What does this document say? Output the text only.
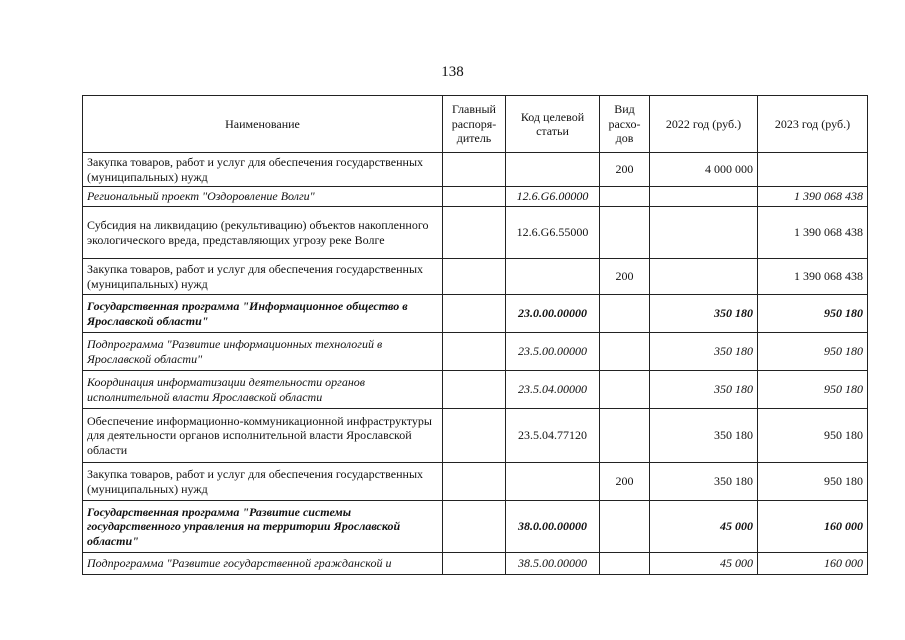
138
Наименование	Главный распоря-дитель	Код целевой статьи	Вид расхо-дов	2022 год (руб.)	2023 год (руб.)
Закупка товаров, работ и услуг для обеспечения государственных (муниципальных) нужд			200	4 000 000	
Региональный проект "Оздоровление Волги"		12.6.G6.00000			1 390 068 438
Субсидия на ликвидацию (рекультивацию) объектов накопленного экологического вреда, представляющих угрозу реке Волге		12.6.G6.55000			1 390 068 438
Закупка товаров, работ и услуг для обеспечения государственных (муниципальных) нужд			200		1 390 068 438
Государственная программа "Информационное общество в Ярославской области"		23.0.00.00000		350 180	950 180
Подпрограмма "Развитие информационных технологий в Ярославской области"		23.5.00.00000		350 180	950 180
Координация информатизации деятельности органов исполнительной власти Ярославской области		23.5.04.00000		350 180	950 180
Обеспечение информационно-коммуникационной инфраструктуры для деятельности органов исполнительной власти Ярославской области		23.5.04.77120		350 180	950 180
Закупка товаров, работ и услуг для обеспечения государственных (муниципальных) нужд			200	350 180	950 180
Государственная программа "Развитие системы государственного управления на территории Ярославской области"		38.0.00.00000		45 000	160 000
Подпрограмма "Развитие государственной гражданской и		38.5.00.00000		45 000	160 000
